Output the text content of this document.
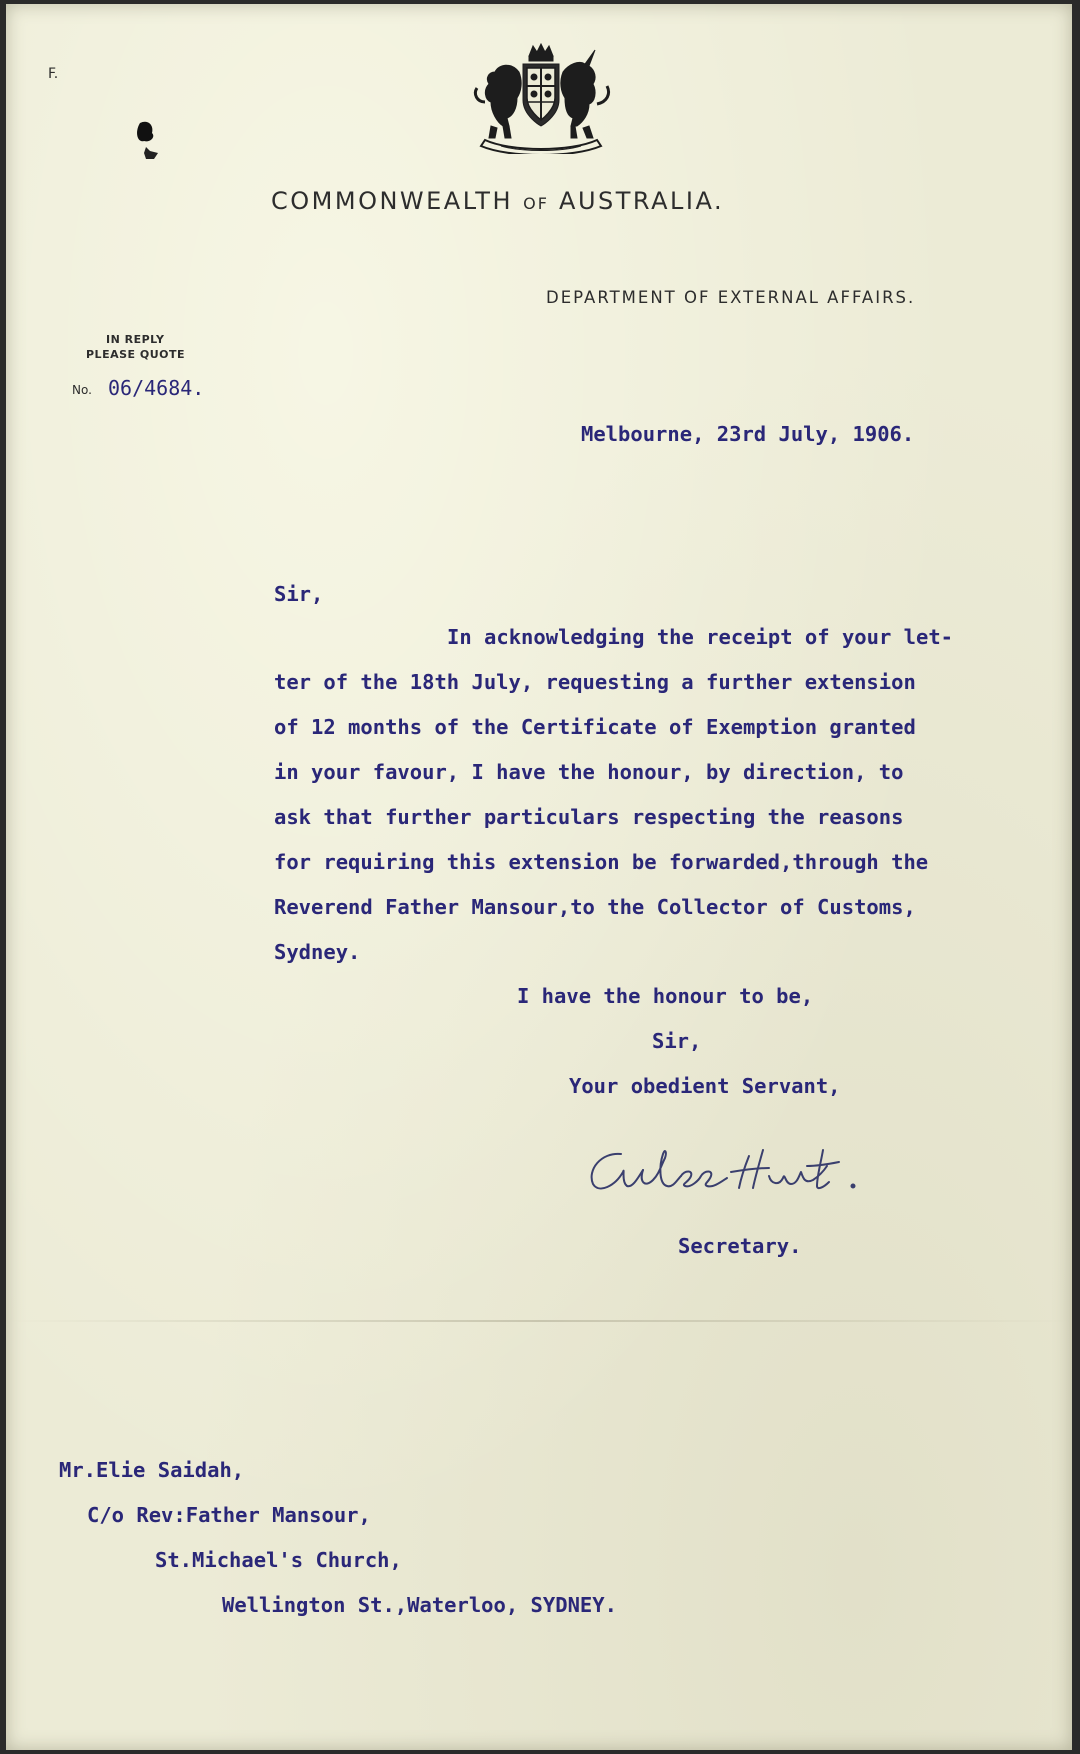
F.
COMMONWEALTH OF AUSTRALIA.
DEPARTMENT OF EXTERNAL AFFAIRS.
IN REPLY
PLEASE QUOTE
No. 06/4684.
Melbourne, 23rd July, 1906.
Sir,
In acknowledging the receipt of your let-
ter of the 18th July, requesting a further extension
of 12 months of the Certificate of Exemption granted
in your favour, I have the honour, by direction, to
ask that further particulars respecting the reasons
for requiring this extension be forwarded,through the
Reverend Father Mansour,to the Collector of Customs,
Sydney.
I have the honour to be,
Sir,
Your obedient Servant,
Secretary.
Mr.Elie Saidah,
C/o Rev:Father Mansour,
St.Michael's Church,
Wellington St.,Waterloo, SYDNEY.
